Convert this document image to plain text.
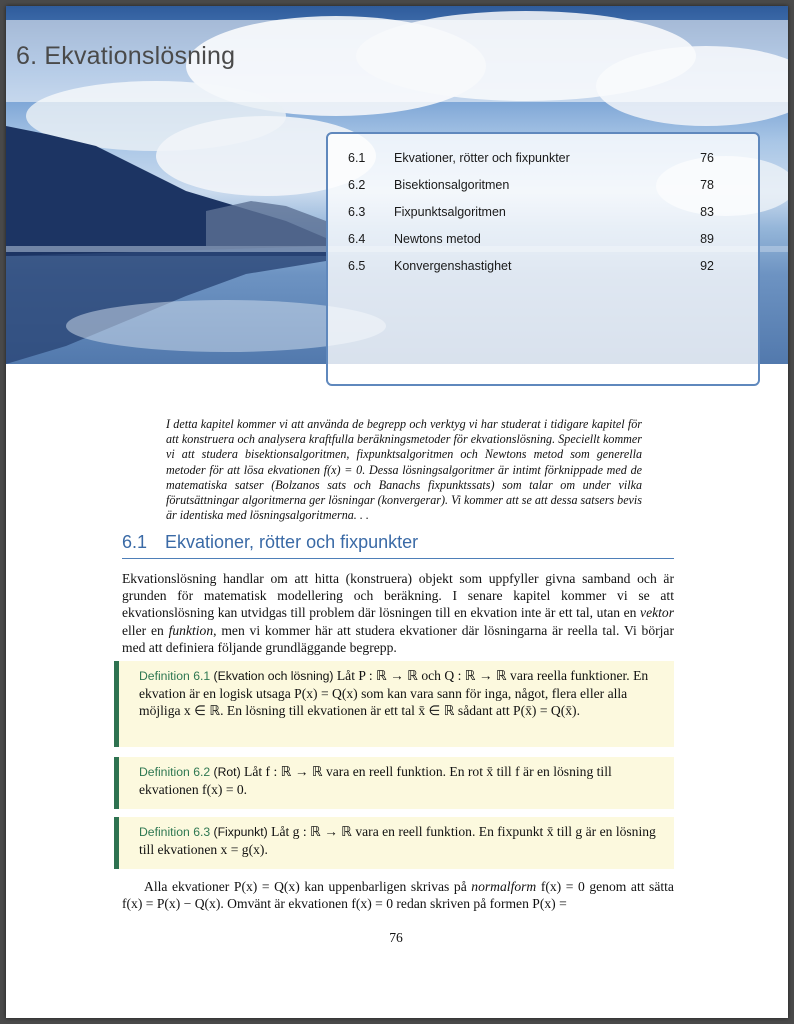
6. Ekvationslösning
6.1 Ekvationer, rötter och fixpunkter	76
6.2 Bisektionsalgoritmen	78
6.3 Fixpunktsalgoritmen	83
6.4 Newtons metod	89
6.5 Konvergenshastighet	92
I detta kapitel kommer vi att använda de begrepp och verktyg vi har studerat i tidigare kapitel för att konstruera och analysera kraftfulla beräkningsmetoder för ekvationslösning. Speciellt kommer vi att studera bisektionsalgoritmen, fixpunktsalgoritmen och Newtons metod som generella metoder för att lösa ekvationen f(x) = 0. Dessa lösningsalgoritmer är intimt förknippade med de matematiska satser (Bolzanos sats och Banachs fixpunktssats) som talar om under vilka förutsättningar algoritmerna ger lösningar (konvergerar). Vi kommer att se att dessa satsers bevis är identiska med lösningsalgoritmerna. . .
6.1 Ekvationer, rötter och fixpunkter
Ekvationslösning handlar om att hitta (konstruera) objekt som uppfyller givna samband och är grunden för matematisk modellering och beräkning. I senare kapitel kommer vi se att ekvationslösning kan utvidgas till problem där lösningen till en ekvation inte är ett tal, utan en vektor eller en funktion, men vi kommer här att studera ekvationer där lösningarna är reella tal. Vi börjar med att definiera följande grundläggande begrepp.
Definition 6.1 (Ekvation och lösning) Låt P : ℝ → ℝ och Q : ℝ → ℝ vara reella funktioner. En ekvation är en logisk utsaga P(x) = Q(x) som kan vara sann för inga, något, flera eller alla möjliga x ∈ ℝ. En lösning till ekvationen är ett tal x̄ ∈ ℝ sådant att P(x̄) = Q(x̄).
Definition 6.2 (Rot) Låt f : ℝ → ℝ vara en reell funktion. En rot x̄ till f är en lösning till ekvationen f(x) = 0.
Definition 6.3 (Fixpunkt) Låt g : ℝ → ℝ vara en reell funktion. En fixpunkt x̄ till g är en lösning till ekvationen x = g(x).
Alla ekvationer P(x) = Q(x) kan uppenbarligen skrivas på normalform f(x) = 0 genom att sätta f(x) = P(x) − Q(x). Omvänt är ekvationen f(x) = 0 redan skriven på formen P(x) =
76
